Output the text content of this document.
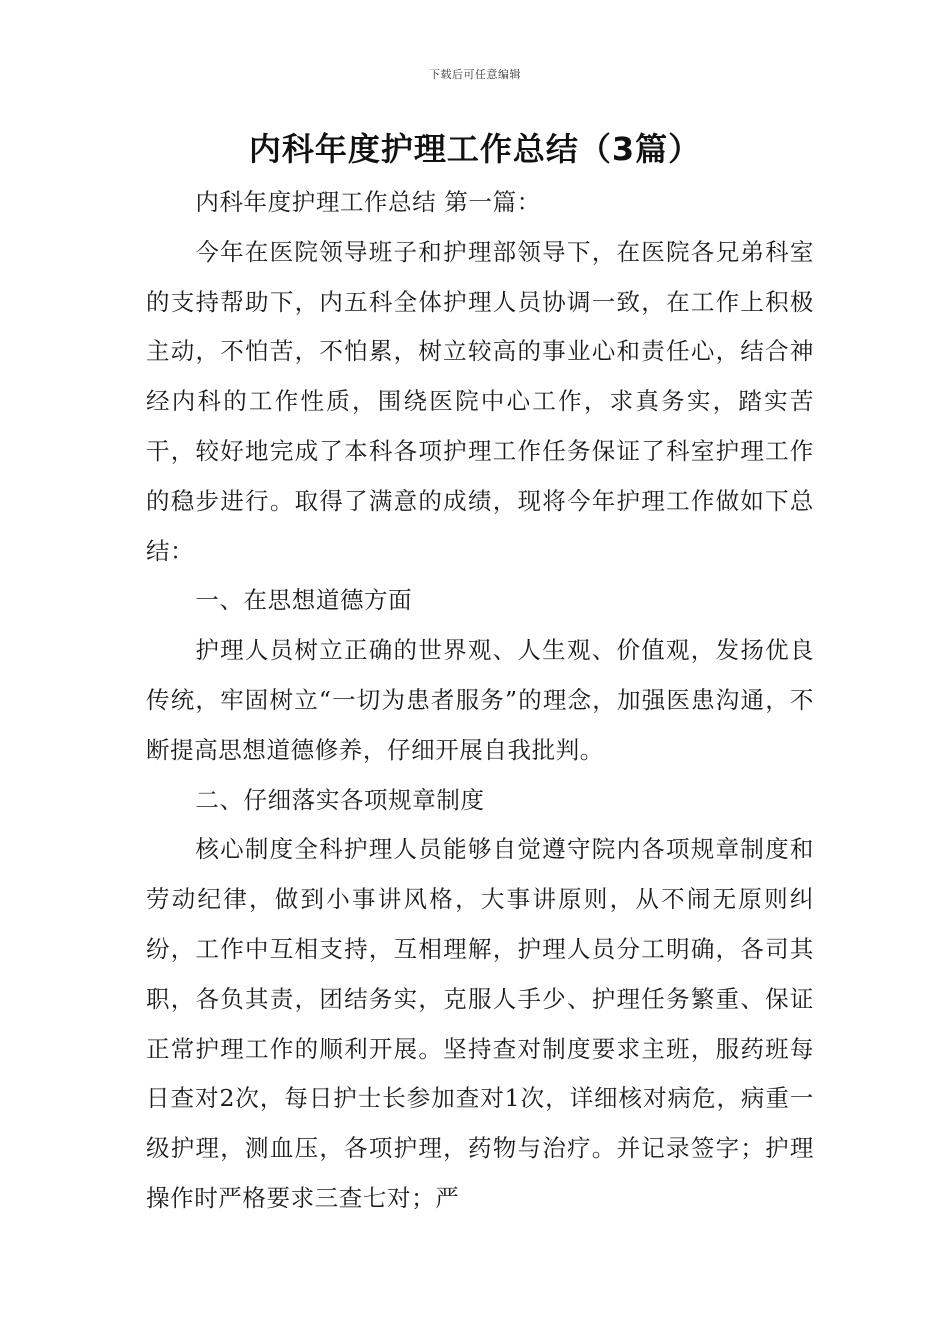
下载后可任意编辑
内科年度护理工作总结（3篇）

内科年度护理工作总结 第一篇：

今年在医院领导班子和护理部领导下，在医院各兄弟科室的支持帮助下，内五科全体护理人员协调一致，在工作上积极主动，不怕苦，不怕累，树立较高的事业心和责任心，结合神经内科的工作性质，围绕医院中心工作，求真务实，踏实苦干，较好地完成了本科各项护理工作任务保证了科室护理工作的稳步进行。取得了满意的成绩，现将今年护理工作做如下总结：

一、在思想道德方面

护理人员树立正确的世界观、人生观、价值观，发扬优良传统，牢固树立“一切为患者服务”的理念，加强医患沟通，不断提高思想道德修养，仔细开展自我批判。

二、仔细落实各项规章制度

核心制度全科护理人员能够自觉遵守院内各项规章制度和劳动纪律，做到小事讲风格，大事讲原则，从不闹无原则纠纷，工作中互相支持，互相理解，护理人员分工明确，各司其职，各负其责，团结务实，克服人手少、护理任务繁重、保证正常护理工作的顺利开展。坚持查对制度要求主班，服药班每日查对2次，每日护士长参加查对1次，详细核对病危，病重一级护理，测血压，各项护理，药物与治疗。并记录签字；护理操作时严格要求三查七对；严
